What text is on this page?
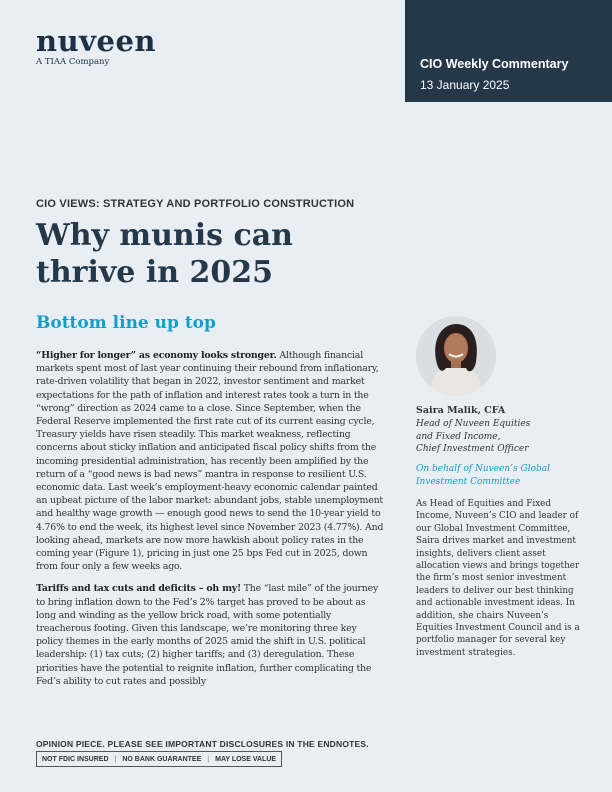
nuveen
A TIAA Company	CIO Weekly Commentary
13 January 2025
CIO VIEWS: STRATEGY AND PORTFOLIO CONSTRUCTION
Why munis can
thrive in 2025
Bottom line up top

“Higher for longer” as economy looks stronger. Although financial markets spent most of last year continuing their rebound from inflationary, rate-driven volatility that began in 2022, investor sentiment and market expectations for the path of inflation and interest rates took a turn in the “wrong” direction as 2024 came to a close. Since September, when the Federal Reserve implemented the first rate cut of its current easing cycle, Treasury yields have risen steadily. This market weakness, reflecting concerns about sticky inflation and anticipated fiscal policy shifts from the incoming presidential administration, has recently been amplified by the return of a “good news is bad news” mantra in response to resilient U.S. economic data. Last week’s employment-heavy economic calendar painted an upbeat picture of the labor market: abundant jobs, stable unemployment and healthy wage growth — enough good news to send the 10-year yield to 4.76% to end the week, its highest level since November 2023 (4.77%). And looking ahead, markets are now more hawkish about policy rates in the coming year (Figure 1), pricing in just one 25 bps Fed cut in 2025, down from four only a few weeks ago.

Tariffs and tax cuts and deficits – oh my! The “last mile” of the journey to bring inflation down to the Fed’s 2% target has proved to be about as long and winding as the yellow brick road, with some potentially treacherous footing. Given this landscape, we’re monitoring three key policy themes in the early months of 2025 amid the shift in U.S. political leadership: (1) tax cuts; (2) higher tariffs; and (3) deregulation. These priorities have the potential to reignite inflation, further complicating the Fed’s ability to cut rates and possibly

Saira Malik, CFA
Head of Nuveen Equities
and Fixed Income,
Chief Investment Officer
On behalf of Nuveen’s Global
Investment Committee

As Head of Equities and Fixed Income, Nuveen’s CIO and leader of our Global Investment Committee, Saira drives market and investment insights, delivers client asset allocation views and brings together the firm’s most senior investment leaders to deliver our best thinking and actionable investment ideas. In addition, she chairs Nuveen’s Equities Investment Council and is a portfolio manager for several key investment strategies.

OPINION PIECE. PLEASE SEE IMPORTANT DISCLOSURES IN THE ENDNOTES.
NOT FDIC INSURED | NO BANK GUARANTEE | MAY LOSE VALUE
